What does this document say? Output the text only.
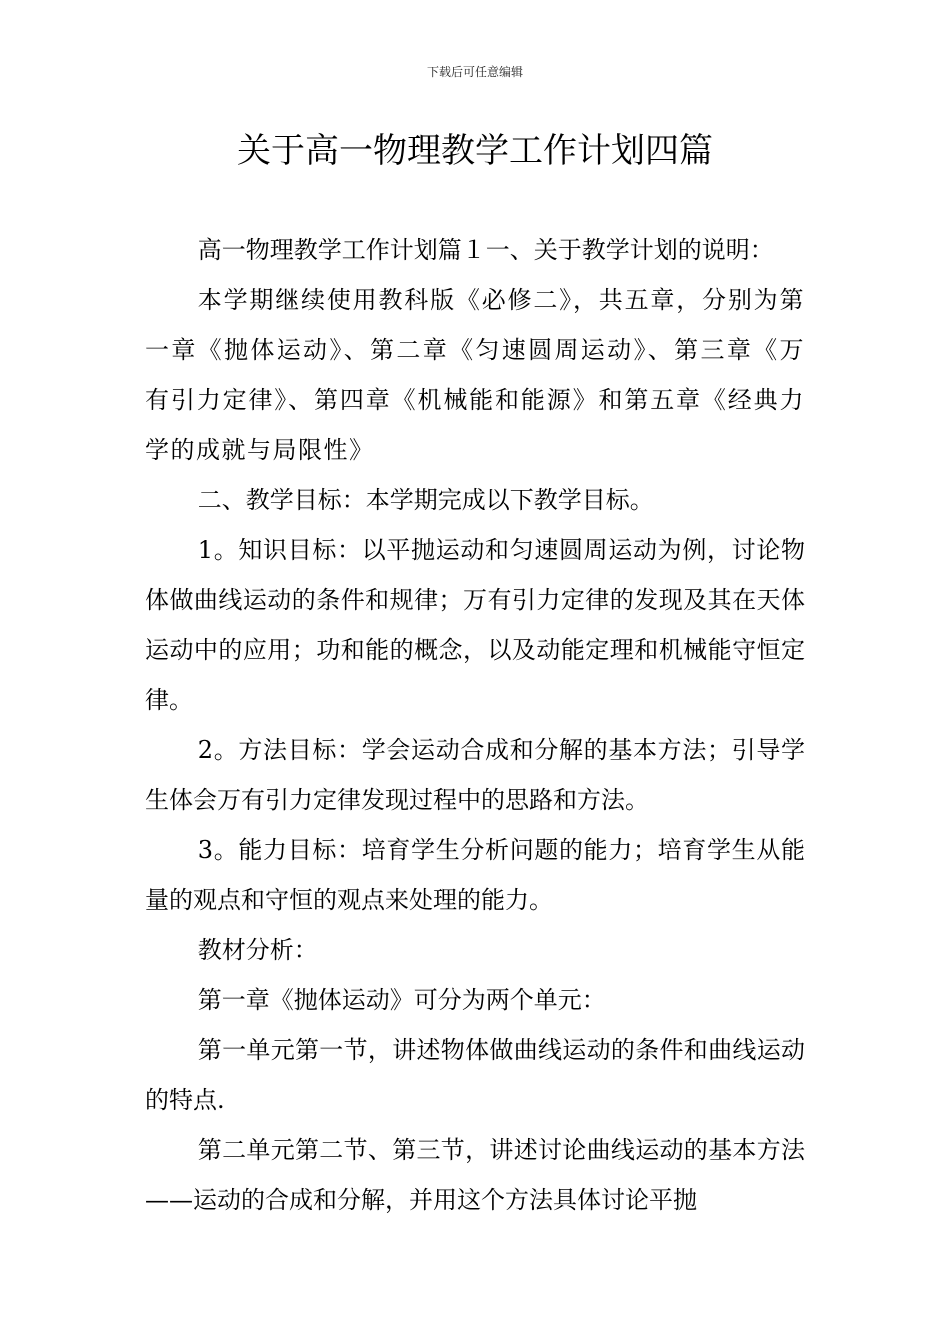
下载后可任意编辑
关于高一物理教学工作计划四篇

高一物理教学工作计划篇１一、关于教学计划的说明：

本学期继续使用教科版《必修二》，共五章，分别为第一章《抛体运动》、第二章《匀速圆周运动》、第三章《万有引力定律》、第四章《机械能和能源》和第五章《经典力学的成就与局限性》

二、教学目标：本学期完成以下教学目标。

1。知识目标：以平抛运动和匀速圆周运动为例，讨论物体做曲线运动的条件和规律；万有引力定律的发现及其在天体运动中的应用；功和能的概念，以及动能定理和机械能守恒定律。

2。方法目标：学会运动合成和分解的基本方法；引导学生体会万有引力定律发现过程中的思路和方法。

3。能力目标：培育学生分析问题的能力；培育学生从能量的观点和守恒的观点来处理的能力。

教材分析：

第一章《抛体运动》可分为两个单元：

第一单元第一节，讲述物体做曲线运动的条件和曲线运动的特点.

第二单元第二节、第三节，讲述讨论曲线运动的基本方法——运动的合成和分解，并用这个方法具体讨论平抛
